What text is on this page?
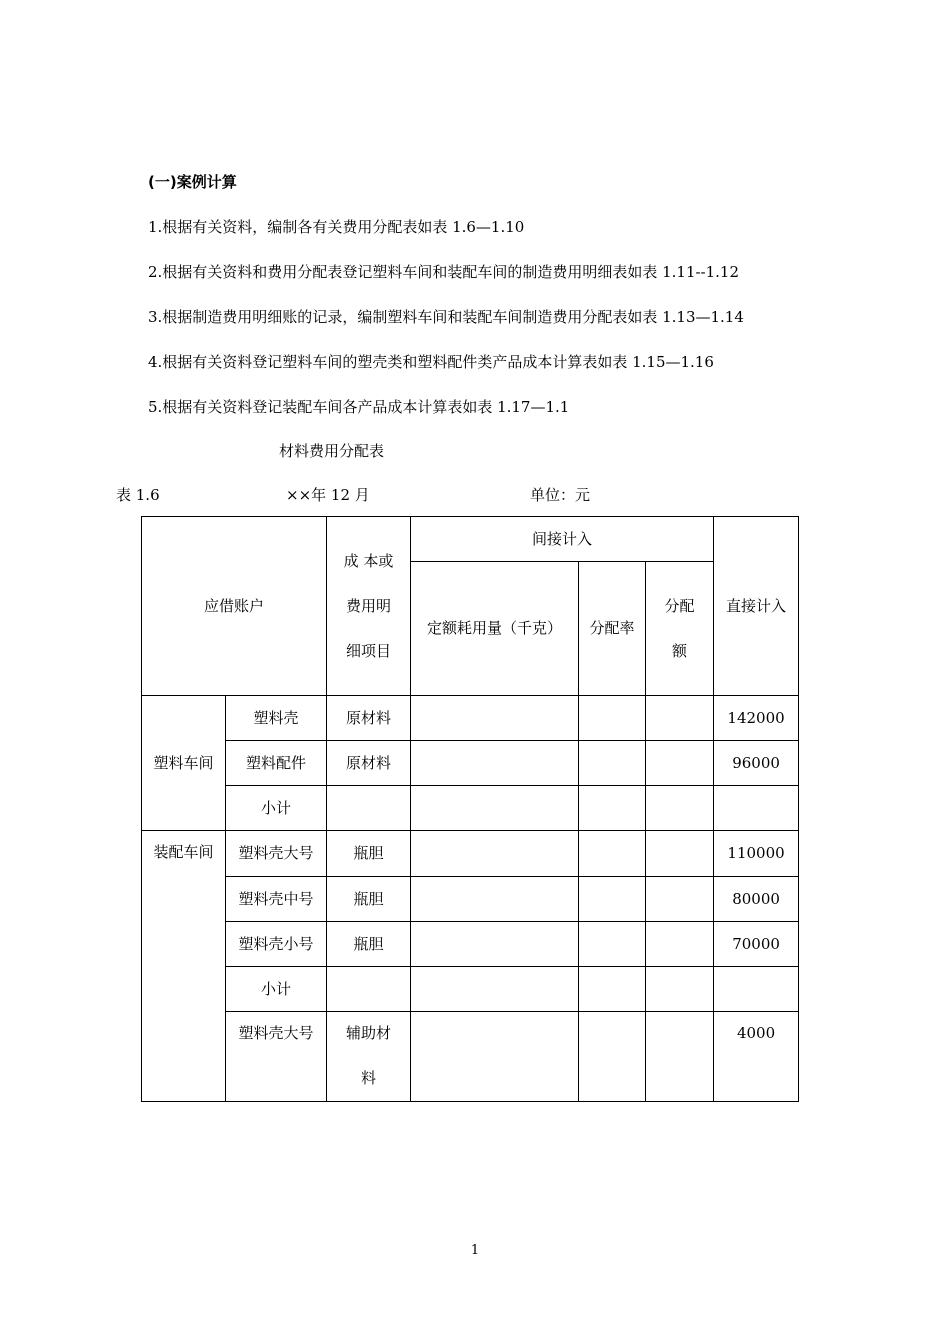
(一)案例计算
1.根据有关资料，编制各有关费用分配表如表 1.6—1.10
2.根据有关资料和费用分配表登记塑料车间和装配车间的制造费用明细表如表 1.11--1.12
3.根据制造费用明细账的记录，编制塑料车间和装配车间制造费用分配表如表 1.13—1.14
4.根据有关资料登记塑料车间的塑壳类和塑料配件类产品成本计算表如表 1.15—1.16
5.根据有关资料登记装配车间各产品成本计算表如表 1.17—1.1
材料费用分配表
表 1.6	××年 12 月	单位：元
应借账户		成 本或费用明细项目	间接计入			直接计入
			定额耗用量（千克）	分配率	分配额	

塑料车间	塑料壳	原材料				142000
	塑料配件	原材料				96000
	小计					
装配车间	塑料壳大号	瓶胆				110000
	塑料壳中号	瓶胆				80000
	塑料壳小号	瓶胆				70000
	小计					
	塑料壳大号	辅助材料				4000
1
